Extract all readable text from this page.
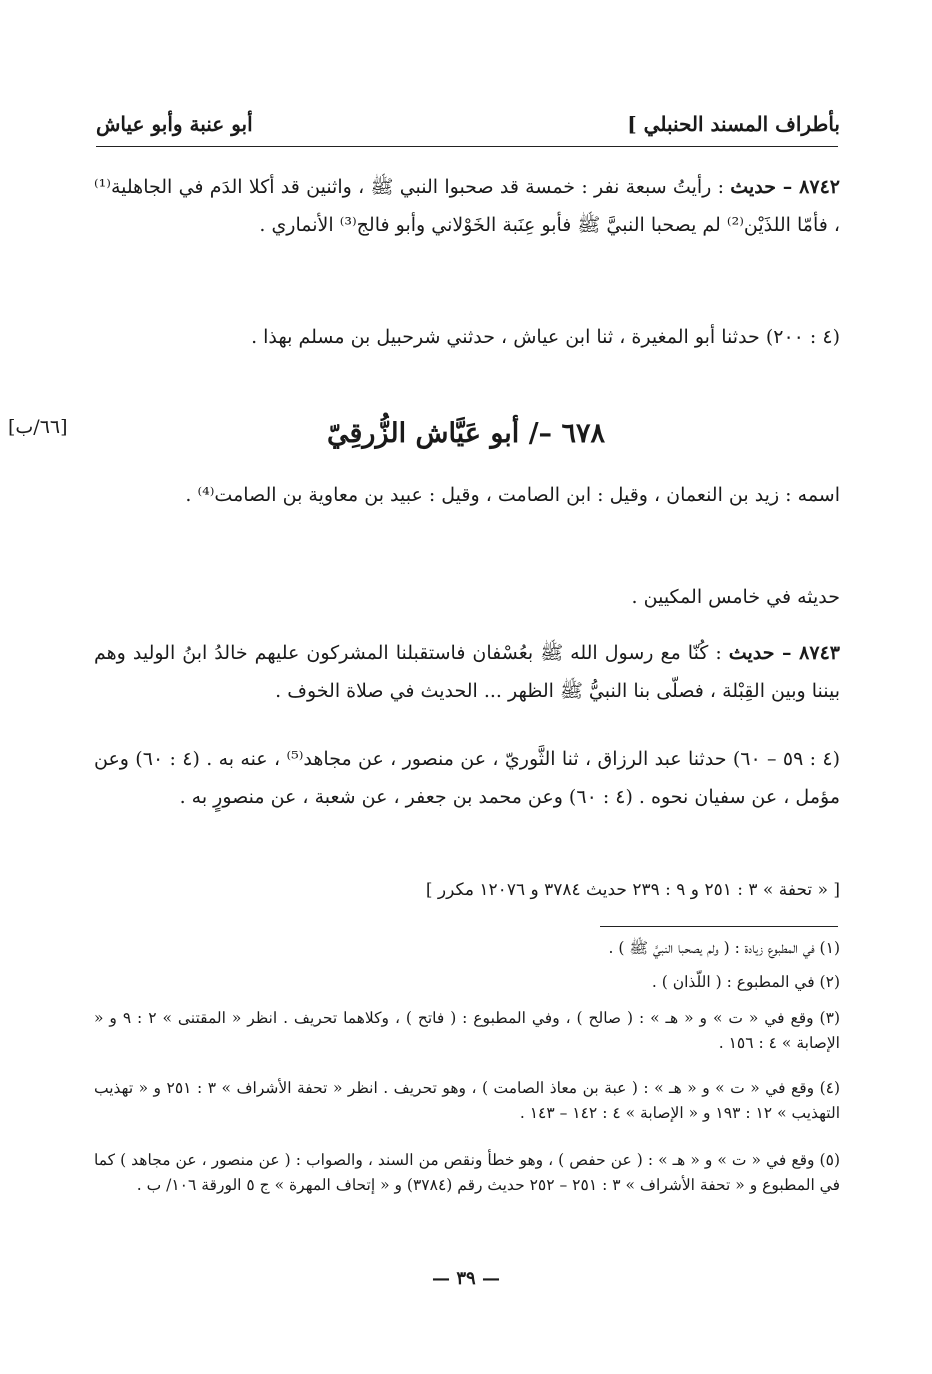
بأطراف المسند الحنبلي ]
أبو عنبة وأبو عياش
٨٧٤٢ – حديث : رأيتُ سبعة نفر : خمسة قد صحبوا النبي ﷺ ، واثنين قد أكلا الدَم في الجاهلية⁽¹⁾ ، فأمّا اللذَيْن⁽²⁾ لم يصحبا النبيَّ ﷺ فأبو عِنَبة الخَوْلاني وأبو فالج⁽³⁾ الأنماري .
(٤ : ٢٠٠) حدثنا أبو المغيرة ، ثنا ابن عياش ، حدثني شرحبيل بن مسلم بهذا .
٦٧٨ –/ أبو عَيَّاش الزُّرقِيّ
[٦٦/ب]
اسمه : زيد بن النعمان ، وقيل : ابن الصامت ، وقيل : عبيد بن معاوية بن الصامت⁽⁴⁾ .
حديثه في خامس المكيين .
٨٧٤٣ – حديث : كُنّا مع رسول الله ﷺ بعُسْفان فاستقبلنا المشركون عليهم خالدُ ابنُ الوليد وهم بيننا وبين القِبْلة ، فصلّى بنا النبيُّ ﷺ الظهر ... الحديث في صلاة الخوف .
(٤ : ٥٩ – ٦٠) حدثنا عبد الرزاق ، ثنا الثَّوريّ ، عن منصور ، عن مجاهد⁽⁵⁾ ، عنه به . (٤ : ٦٠) وعن مؤمل ، عن سفيان نحوه . (٤ : ٦٠) وعن محمد بن جعفر ، عن شعبة ، عن منصورٍ به .
[ « تحفة » ٣ : ٢٥١ و ٩ : ٢٣٩ حديث ٣٧٨٤ و ١٢٠٧٦ مكرر ]
(١) في المطبوع زيادة : ( ولم يصحبا النبيَّ ﷺ ) .
(٢) في المطبوع : ( اللّذان ) .
(٣) وقع في « ت » و « هـ » : ( صالح ) ، وفي المطبوع : ( فاتح ) ، وكلاهما تحريف . انظر « المقتنى » ٢ : ٩ و « الإصابة » ٤ : ١٥٦ .
(٤) وقع في « ت » و « هـ » : ( عبة بن معاذ الصامت ) ، وهو تحريف . انظر « تحفة الأشراف » ٣ : ٢٥١ و « تهذيب التهذيب » ١٢ : ١٩٣ و « الإصابة » ٤ : ١٤٢ – ١٤٣ .
(٥) وقع في « ت » و « هـ » : ( عن حفص ) ، وهو خطأ ونقص من السند ، والصواب : ( عن منصور ، عن مجاهد ) كما في المطبوع و « تحفة الأشراف » ٣ : ٢٥١ – ٢٥٢ حديث رقم (٣٧٨٤) و « إتحاف المهرة » ج ٥ الورقة ١٠٦/ ب .
— ٣٩ —
